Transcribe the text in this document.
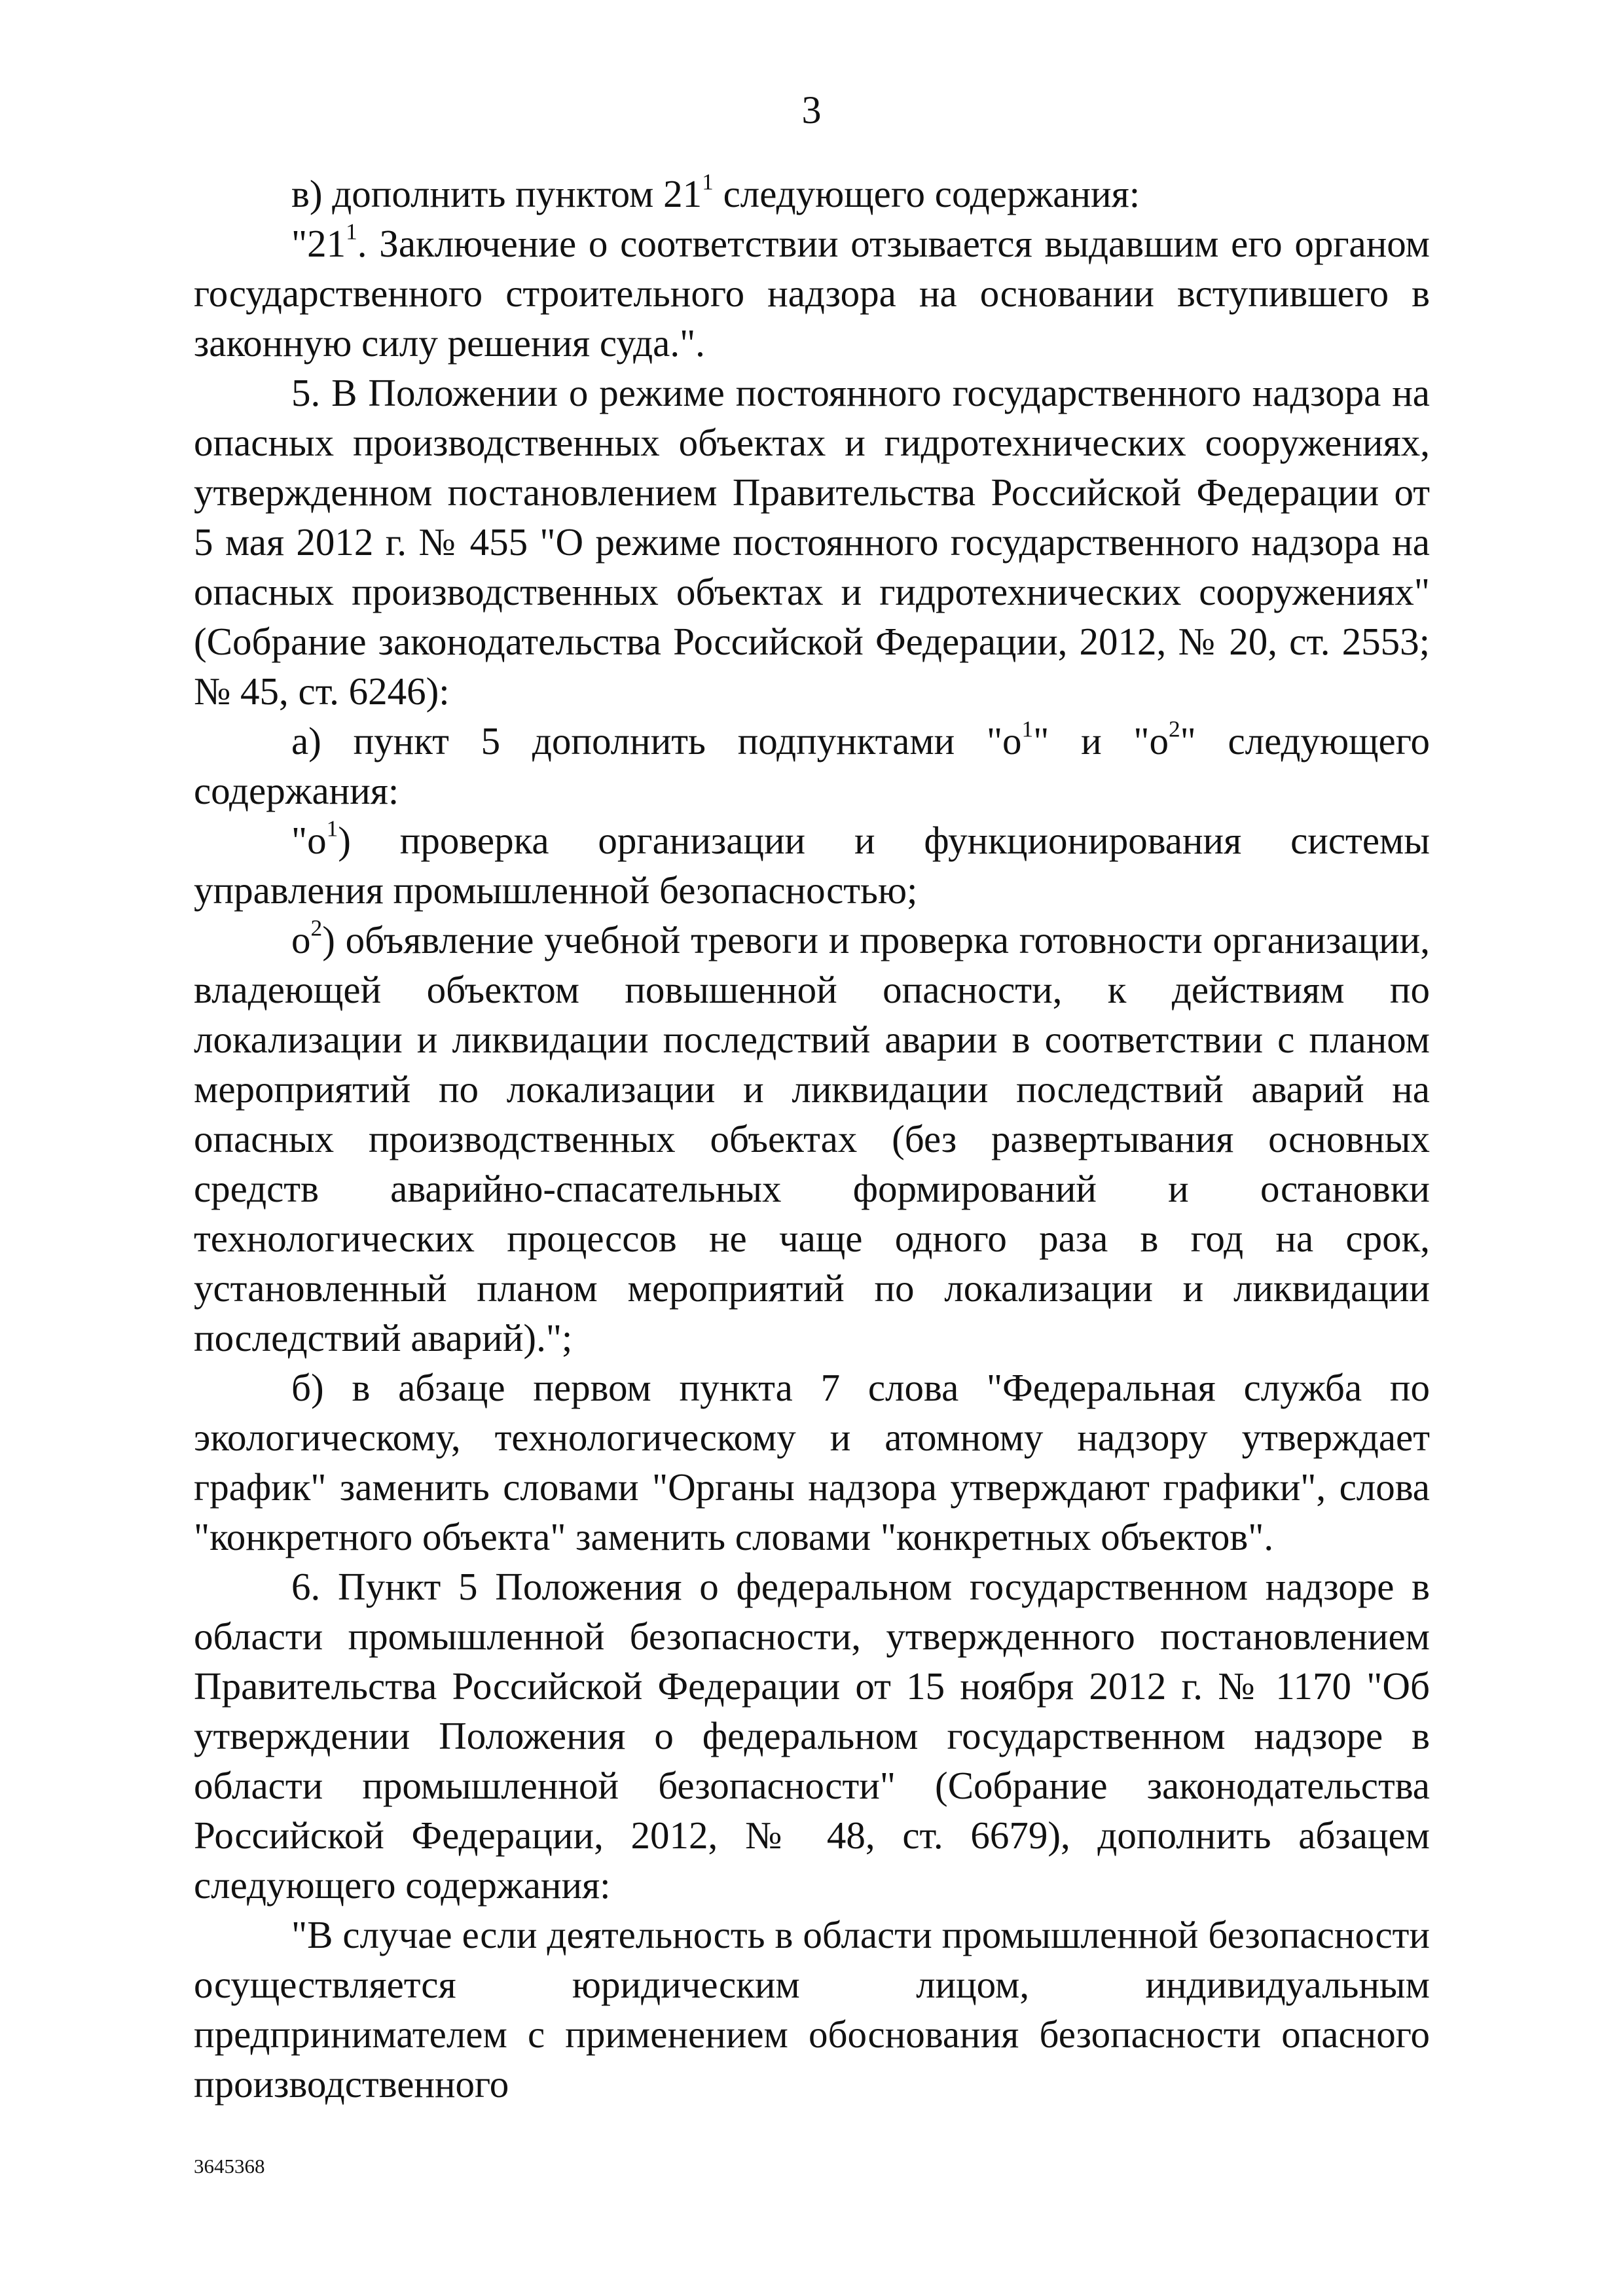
3

в) дополнить пунктом $21^1$ следующего содержания:

"$21^1$. Заключение о соответствии отзывается выдавшим его органом государственного строительного надзора на основании вступившего в законную силу решения суда.".

5. В Положении о режиме постоянного государственного надзора на опасных производственных объектах и гидротехнических сооружениях, утвержденном постановлением Правительства Российской Федерации от 5 мая 2012 г. № 455 "О режиме постоянного государственного надзора на опасных производственных объектах и гидротехнических сооружениях" (Собрание законодательства Российской Федерации, 2012, № 20, ст. 2553; № 45, ст. 6246):

а) пункт 5 дополнить подпунктами "$о^1$" и "$о^2$" следующего содержания:

"$о^1$) проверка организации и функционирования системы управления промышленной безопасностью;

$о^2$) объявление учебной тревоги и проверка готовности организации, владеющей объектом повышенной опасности, к действиям по локализации и ликвидации последствий аварии в соответствии с планом мероприятий по локализации и ликвидации последствий аварий на опасных производственных объектах (без развертывания основных средств аварийно-спасательных формирований и остановки технологических процессов не чаще одного раза в год на срок, установленный планом мероприятий по локализации и ликвидации последствий аварий).";

б) в абзаце первом пункта 7 слова "Федеральная служба по экологическому, технологическому и атомному надзору утверждает график" заменить словами "Органы надзора утверждают графики", слова "конкретного объекта" заменить словами "конкретных объектов".

6. Пункт 5 Положения о федеральном государственном надзоре в области промышленной безопасности, утвержденного постановлением Правительства Российской Федерации от 15 ноября 2012 г. № 1170 "Об утверждении Положения о федеральном государственном надзоре в области промышленной безопасности" (Собрание законодательства Российской Федерации, 2012, № 48, ст. 6679), дополнить абзацем следующего содержания:

"В случае если деятельность в области промышленной безопасности осуществляется юридическим лицом, индивидуальным предпринимателем с применением обоснования безопасности опасного производственного

3645368
